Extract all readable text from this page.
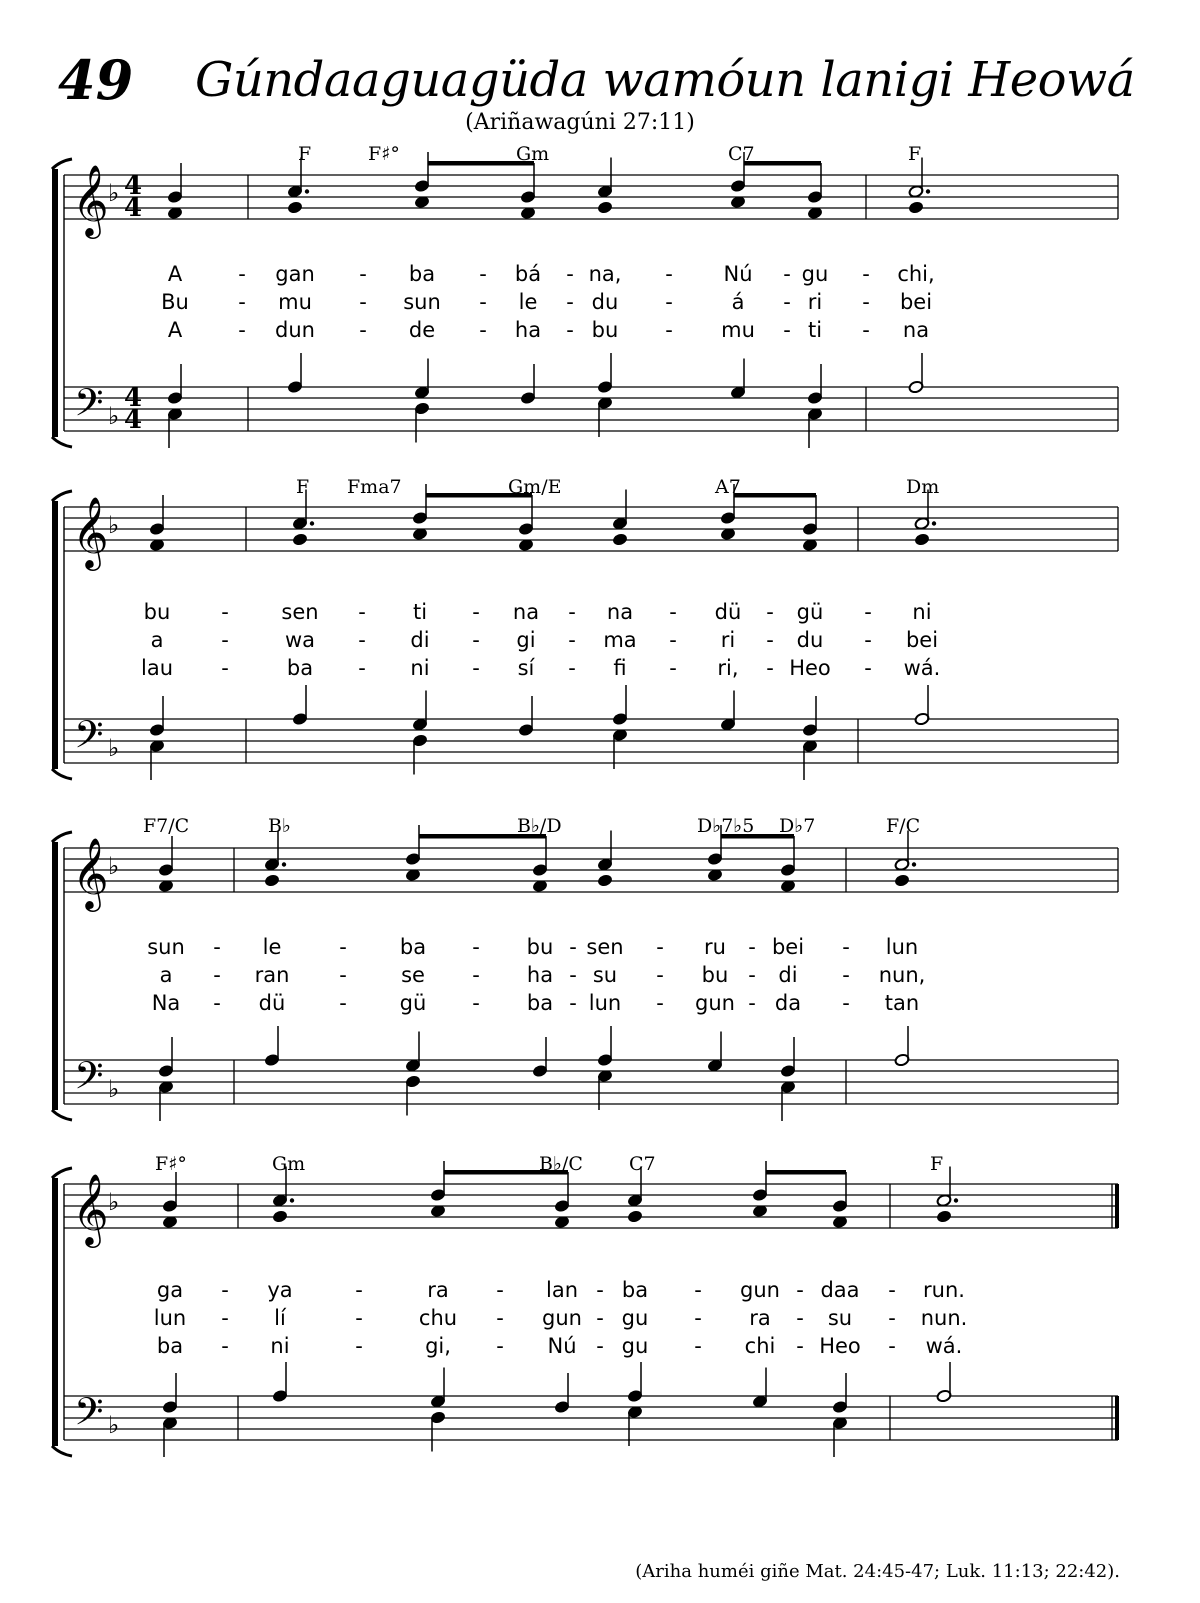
49 Gúndaaguagüda wamóun lanigi Heowá
(Ariñawagúni 27:11)
(Ariha huméi giñe Mat. 24:45-47; Luk. 11:13; 22:42).
𝄞
𝄢
♭
♭
4
4
4
4
𝄞
𝄢
♭
♭
𝄞
𝄢
♭
♭
𝄞
𝄢
♭
♭
F	F♯°	Gm	C7	F
A	gan	ba	bá na,	Nú gu	chi,
-	-	-	-	-	-	-
Bu	mu	sun	le	du	á	ri	bei
-	-	-	-	-	-	-
A	dun	de	ha bu	mu	ti	na
-	-	-	-	-	-	-
F Fma7	Gm/E	A7	Dm
bu	sen	ti	na	na	dü	gü	ni
-	-	-	-	-	-	-
a	wa	di	gi	ma	ri	du	bei
-	-	-	-	-	-	-
lau	ba	ni	sí	fi	ri, Heo	wá.
-	-	-	-	-	-	-
F7/C	B♭	B♭/D	D♭7♭5 D♭7	F/C
sun	le	ba	bu sen	ru bei	lun
-	-	-	-	-	-	-
a	ran	se	ha su	bu di	nun,
-	-	-	-	-	-	-
Na	dü	gü	ba lun	gun da	tan
-	-	-	-	-	-	-
F♯°	Gm	B♭/C C7	F
ga	ya	ra	lan ba	gun daa	run.
-	-	-	-	-	-	-
lun	lí	chu	gun gu	ra	su	nun.
-	-	-	-	-	-	-
ba	ni	gi,	Nú gu	chi Heo	wá.
-	-	-	-	-	-	-
